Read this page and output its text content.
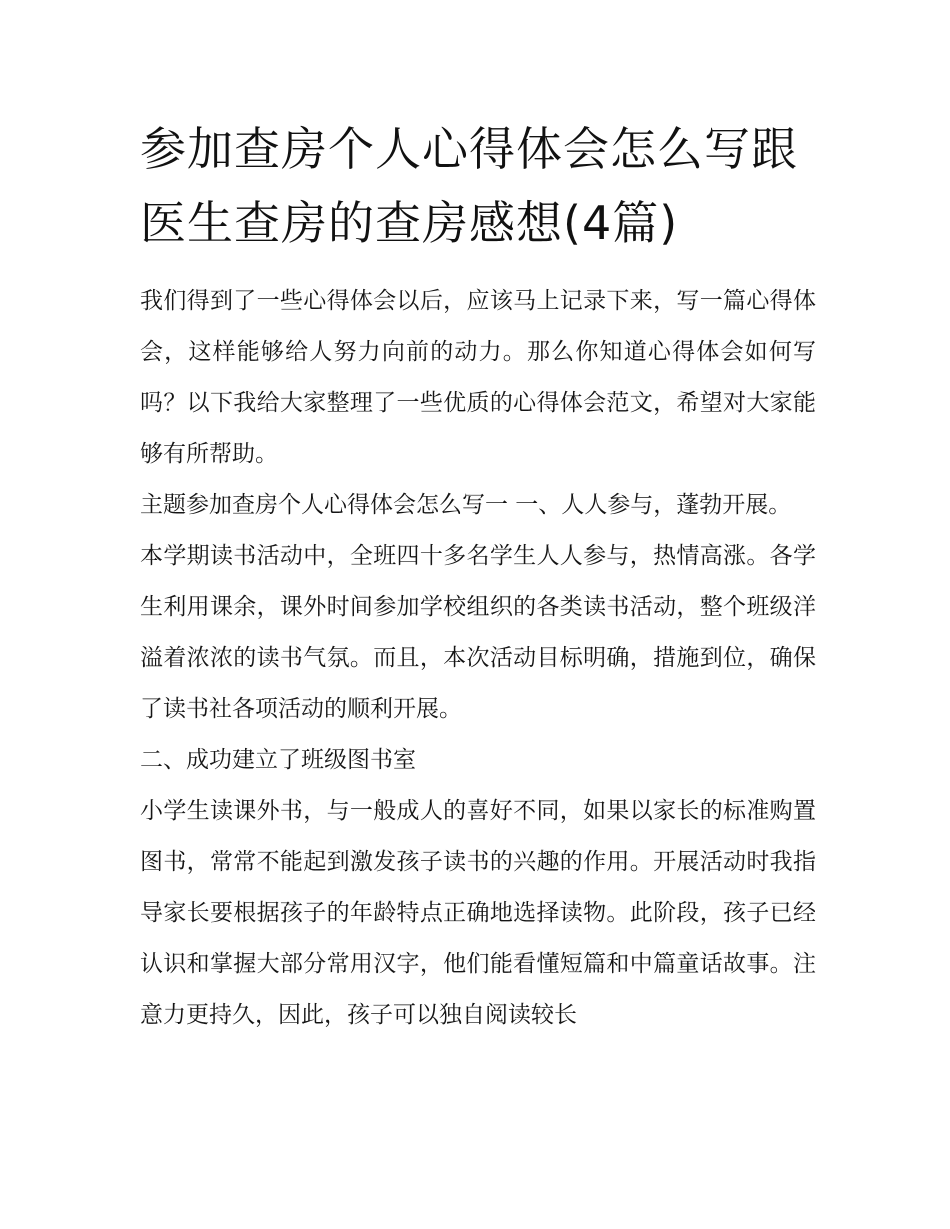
参加查房个人心得体会怎么写跟医生查房的查房感想(4篇)

我们得到了一些心得体会以后，应该马上记录下来，写一篇心得体会，这样能够给人努力向前的动力。那么你知道心得体会如何写吗？以下我给大家整理了一些优质的心得体会范文，希望对大家能够有所帮助。

主题参加查房个人心得体会怎么写一 一、人人参与，蓬勃开展。

本学期读书活动中，全班四十多名学生人人参与，热情高涨。各学生利用课余，课外时间参加学校组织的各类读书活动，整个班级洋溢着浓浓的读书气氛。而且，本次活动目标明确，措施到位，确保了读书社各项活动的顺利开展。

二、成功建立了班级图书室

小学生读课外书，与一般成人的喜好不同，如果以家长的标准购置图书，常常不能起到激发孩子读书的兴趣的作用。开展活动时我指导家长要根据孩子的年龄特点正确地选择读物。此阶段，孩子已经认识和掌握大部分常用汉字，他们能看懂短篇和中篇童话故事。注意力更持久，因此，孩子可以独自阅读较长
